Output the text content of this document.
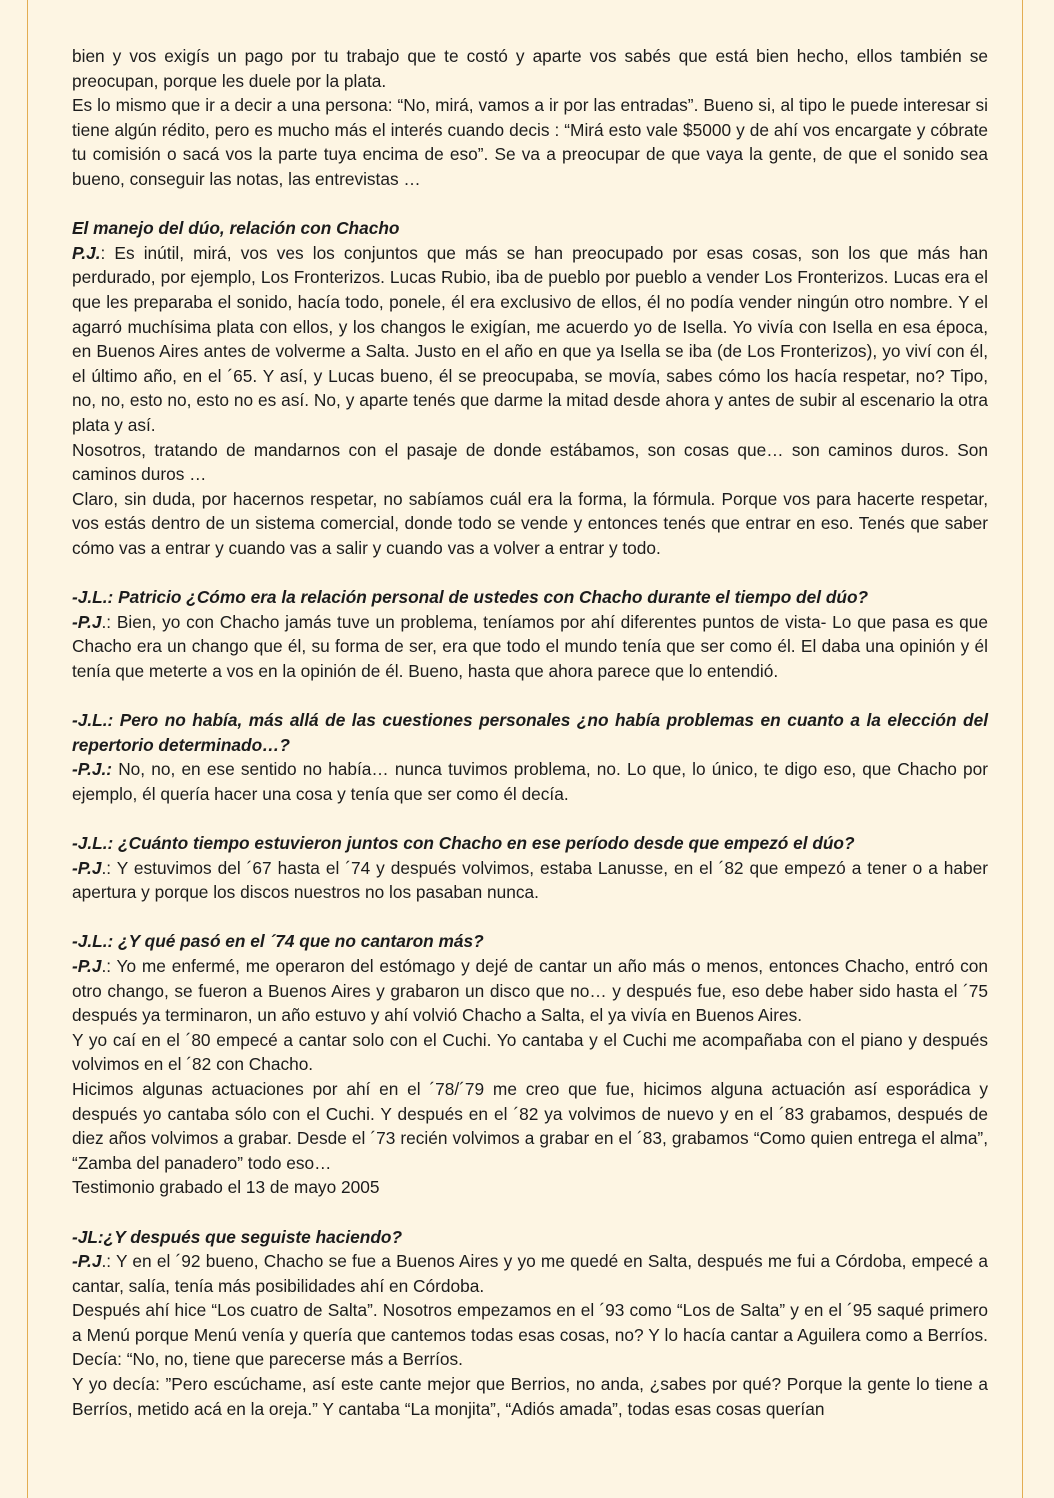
bien y vos exigís un pago por tu trabajo que te costó y aparte vos sabés que está bien hecho, ellos también se preocupan, porque les duele por la plata.

Es lo mismo que ir a decir a una persona: “No, mirá, vamos a ir por las entradas”. Bueno si, al tipo le puede interesar si tiene algún rédito, pero es mucho más el interés cuando decis : “Mirá esto vale $5000 y de ahí vos encargate y cóbrate tu comisión o sacá vos la parte tuya encima de eso”. Se va a preocupar de que vaya la gente, de que el sonido sea bueno, conseguir las notas, las entrevistas …

El manejo del dúo, relación con Chacho

P.J.: Es inútil, mirá, vos ves los conjuntos que más se han preocupado por esas cosas, son los que más han perdurado, por ejemplo, Los Fronterizos. Lucas Rubio, iba de pueblo por pueblo a vender Los Fronterizos. Lucas era el que les preparaba el sonido, hacía todo, ponele, él era exclusivo de ellos, él no podía vender ningún otro nombre. Y el agarró muchísima plata con ellos, y los changos le exigían, me acuerdo yo de Isella. Yo vivía con Isella en esa época, en Buenos Aires antes de volverme a Salta. Justo en el año en que ya Isella se iba (de Los Fronterizos), yo viví con él, el último año, en el ´65. Y así, y Lucas bueno, él se preocupaba, se movía, sabes cómo los hacía respetar, no? Tipo, no, no, esto no, esto no es así. No, y aparte tenés que darme la mitad desde ahora y antes de subir al escenario la otra plata y así.

Nosotros, tratando de mandarnos con el pasaje de donde estábamos, son cosas que… son caminos duros. Son caminos duros …

Claro, sin duda, por hacernos respetar, no sabíamos cuál era la forma, la fórmula. Porque vos para hacerte respetar, vos estás dentro de un sistema comercial, donde todo se vende y entonces tenés que entrar en eso. Tenés que saber cómo vas a entrar y cuando vas a salir y cuando vas a volver a entrar y todo.

-J.L.: Patricio ¿Cómo era la relación personal de ustedes con Chacho durante el tiempo del dúo?

-P.J.: Bien, yo con Chacho jamás tuve un problema, teníamos por ahí diferentes puntos de vista- Lo que pasa es que Chacho era un chango que él, su forma de ser, era que todo el mundo tenía que ser como él. El daba una opinión y él tenía que meterte a vos en la opinión de él. Bueno, hasta que ahora parece que lo entendió.

-J.L.: Pero no había, más allá de las cuestiones personales ¿no había problemas en cuanto a la elección del repertorio determinado…?

-P.J.: No, no, en ese sentido no había… nunca tuvimos problema, no. Lo que, lo único, te digo eso, que Chacho por ejemplo, él quería hacer una cosa y tenía que ser como él decía.

-J.L.: ¿Cuánto tiempo estuvieron juntos con Chacho en ese período desde que empezó el dúo?

-P.J.: Y estuvimos del ´67 hasta el ´74 y después volvimos, estaba Lanusse, en el ´82 que empezó a tener o a haber apertura y porque los discos nuestros no los pasaban nunca.

-J.L.: ¿Y qué pasó en el ´74 que no cantaron más?

-P.J.: Yo me enfermé, me operaron del estómago y dejé de cantar un año más o menos, entonces Chacho, entró con otro chango, se fueron a Buenos Aires y grabaron un disco que no… y después fue, eso debe haber sido hasta el ´75 después ya terminaron, un año estuvo y ahí volvió Chacho a Salta, el ya vivía en Buenos Aires.

Y yo caí en el ´80 empecé a cantar solo con el Cuchi. Yo cantaba y el Cuchi me acompañaba con el piano y después volvimos en el ´82 con Chacho.

Hicimos algunas actuaciones por ahí en el ´78/´79 me creo que fue, hicimos alguna actuación así esporádica y después yo cantaba sólo con el Cuchi. Y después en el ´82 ya volvimos de nuevo y en el ´83 grabamos, después de diez años volvimos a grabar. Desde el ´73 recién volvimos a grabar en el ´83, grabamos “Como quien entrega el alma”, “Zamba del panadero” todo eso…

Testimonio grabado el 13 de mayo 2005

-JL:¿Y después que seguiste haciendo?

-P.J.: Y en el ´92 bueno, Chacho se fue a Buenos Aires y yo me quedé en Salta, después me fui a Córdoba, empecé a cantar, salía, tenía más posibilidades ahí en Córdoba.

Después ahí hice “Los cuatro de Salta”. Nosotros empezamos en el ´93 como “Los de Salta” y en el ´95 saqué primero a Menú porque Menú venía y quería que cantemos todas esas cosas, no? Y lo hacía cantar a Aguilera como a Berríos. Decía: “No, no, tiene que parecerse más a Berríos.

Y yo decía: ”Pero escúchame, así este cante mejor que Berrios, no anda, ¿sabes por qué? Porque la gente lo tiene a Berríos, metido acá en la oreja.” Y cantaba “La monjita”, “Adiós amada”, todas esas cosas querían
